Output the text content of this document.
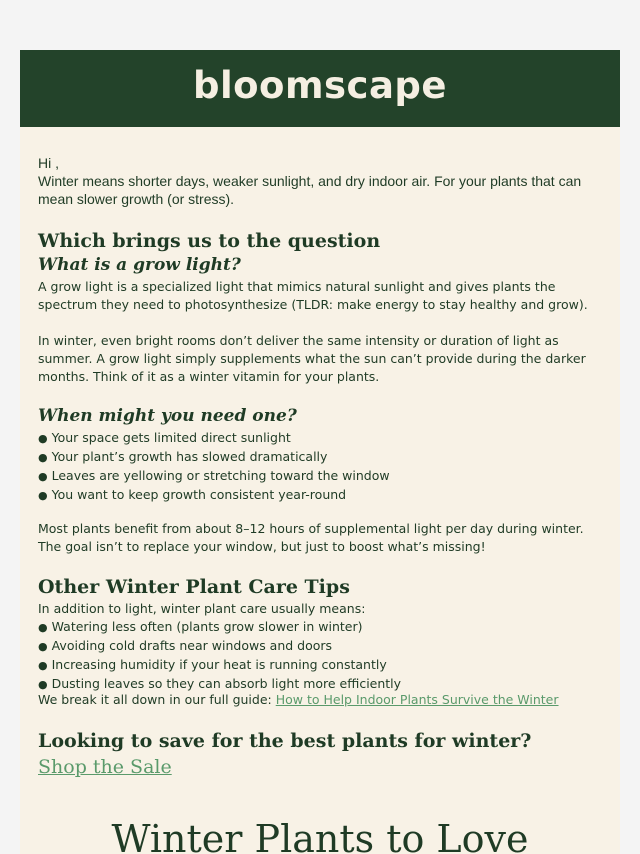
bloomscape
Hi ,
Winter means shorter days, weaker sunlight, and dry indoor air. For your plants that can mean slower growth (or stress).
Which brings us to the question
What is a grow light?

A grow light is a specialized light that mimics natural sunlight and gives plants the spectrum they need to photosynthesize (TLDR: make energy to stay healthy and grow).

In winter, even bright rooms don’t deliver the same intensity or duration of light as summer. A grow light simply supplements what the sun can’t provide during the darker months. Think of it as a winter vitamin for your plants.

When might you need one?
● Your space gets limited direct sunlight
● Your plant’s growth has slowed dramatically
● Leaves are yellowing or stretching toward the window
● You want to keep growth consistent year-round

Most plants benefit from about 8–12 hours of supplemental light per day during winter. The goal isn’t to replace your window, but just to boost what’s missing!

Other Winter Plant Care Tips

In addition to light, winter plant care usually means:

● Watering less often (plants grow slower in winter)
● Avoiding cold drafts near windows and doors
● Increasing humidity if your heat is running constantly
● Dusting leaves so they can absorb light more efficiently

We break it all down in our full guide: How to Help Indoor Plants Survive the Winter

Looking to save for the best plants for winter?
Shop the Sale
Winter Plants to Love
